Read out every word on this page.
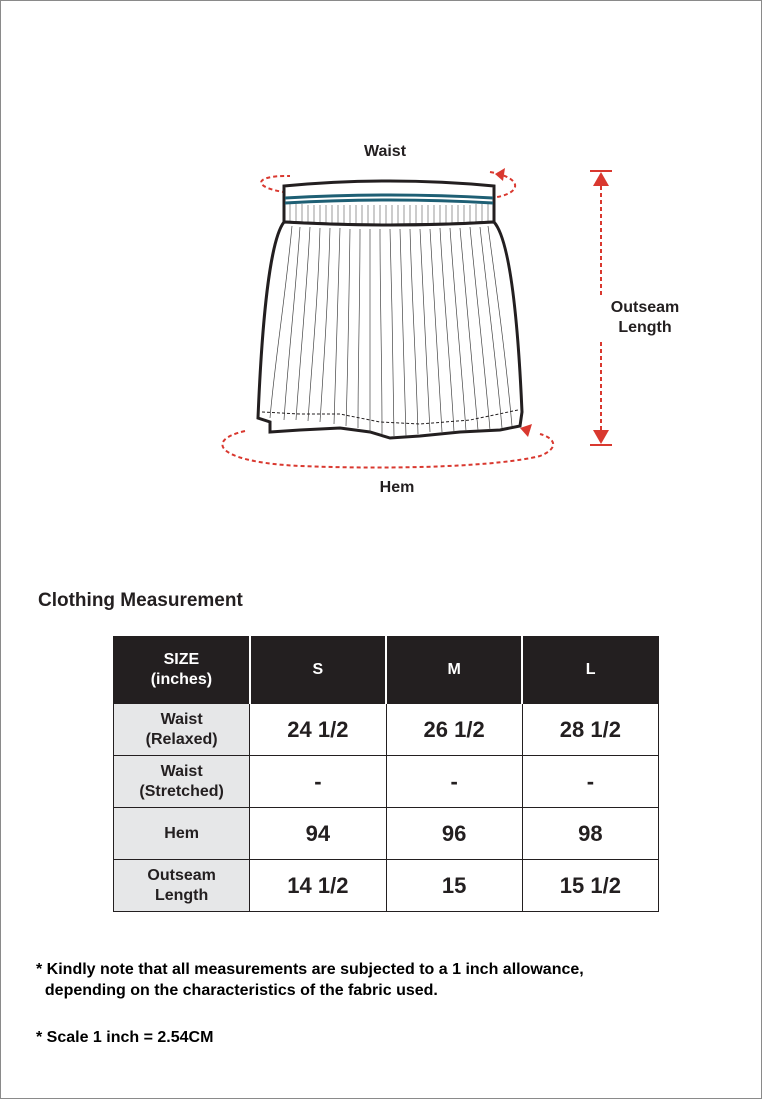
Waist
Hem
Outseam
Length
Clothing Measurement
SIZE
(inches)	S	M	L

Waist
(Relaxed)	24 1/2	26 1/2	28 1/2

Waist
(Stretched)	-	-	-

Hem	94	96	98

Outseam
Length	14 1/2	15	15 1/2
* Kindly note that all measurements are subjected to a 1 inch allowance,
depending on the characteristics of the fabric used.
* Scale 1 inch = 2.54CM
